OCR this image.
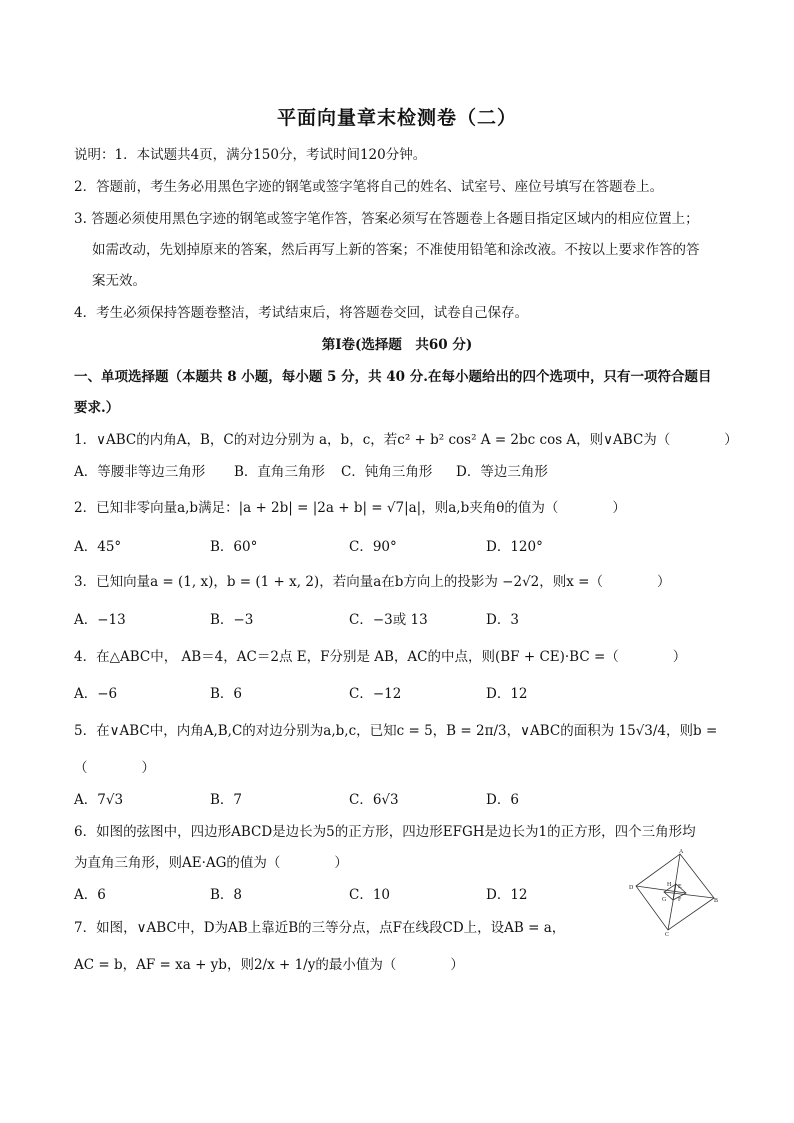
平面向量章末检测卷（二）
说明：1．本试题共4页，满分150分，考试时间120分钟。
2．答题前，考生务必用黑色字迹的钢笔或签字笔将自己的姓名、试室号、座位号填写在答题卷上。
3. 答题必须使用黑色字迹的钢笔或签字笔作答，答案必须写在答题卷上各题目指定区域内的相应位置上；
如需改动，先划掉原来的答案，然后再写上新的答案；不准使用铅笔和涂改液。不按以上要求作答的答
案无效。
4．考生必须保持答题卷整洁，考试结束后，将答题卷交回，试卷自己保存。
第Ⅰ卷(选择题　共60 分)
一、单项选择题（本题共 8 小题，每小题 5 分，共 40 分.在每小题给出的四个选项中，只有一项符合题目
要求.）
1．∨ABC的内角A，B，C的对边分别为 a，b，c，若c² + b² cos² A = 2bc cos A，则∨ABC为（　　　　）
A．等腰非等边三角形 B．直角三角形 C．钝角三角形 D．等边三角形
2．已知非零向量a,b满足：|a + 2b| = |2a + b| = √7|a|，则a,b夹角θ的值为（　　　　）
A．45°	B．60°	C．90°	D．120°
3．已知向量a = (1, x)，b = (1 + x, 2)，若向量a在b方向上的投影为 −2√2，则x =（　　　　）
A．−13	B．−3	C．−3或 13	D．3
4．在△ABC中， AB＝4，AC＝2点 E，F分别是 AB，AC的中点，则(BF + CE)·BC =（　　　　）
A．−6	B．6	C．−12	D．12
5．在∨ABC中，内角A,B,C的对边分别为a,b,c，已知c = 5，B = 2π/3，∨ABC的面积为 15√3/4，则b =
（　　　　）
A．7√3	B．7	C．6√3	D．6
6．如图的弦图中，四边形ABCD是边长为5的正方形，四边形EFGH是边长为1的正方形，四个三角形均
为直角三角形，则AE·AG的值为（　　　　）
A．6	B．8	C．10	D．12
7．如图，∨ABC中，D为AB上靠近B的三等分点，点F在线段CD上，设AB = a，
AC = b，AF = xa + yb，则2/x + 1/y的最小值为（　　　　）
A
B
C
D	E
F
G
H
